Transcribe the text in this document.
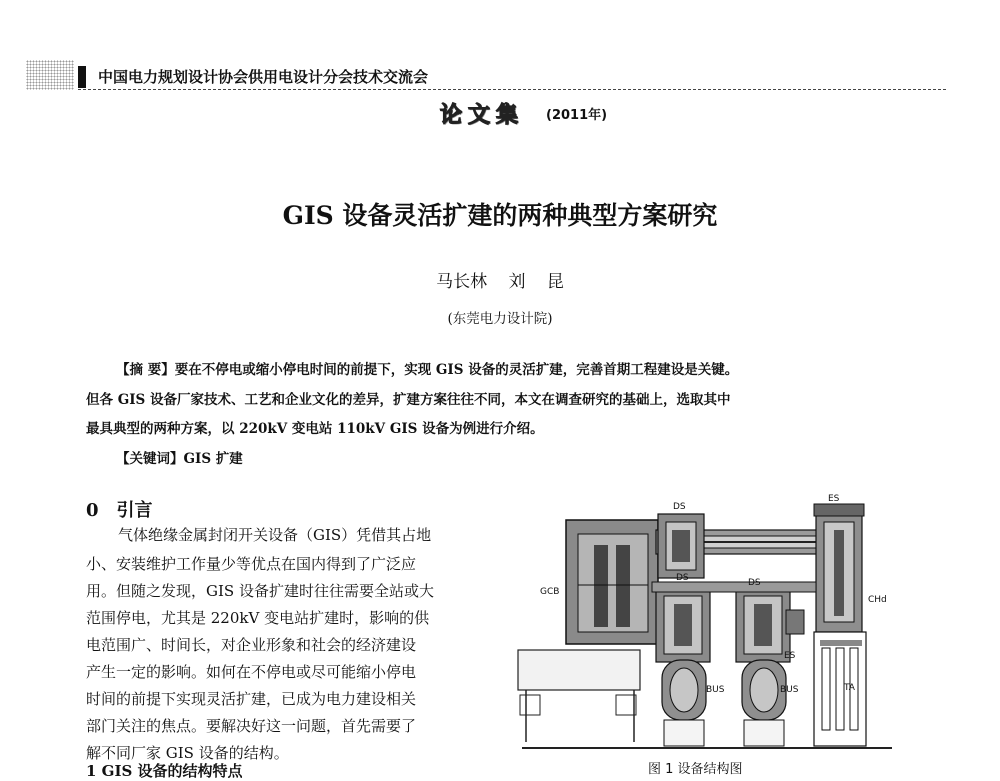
中国电力规划设计协会供用电设计分会技术交流会
论文集 (2011年)
GIS 设备灵活扩建的两种典型方案研究
马长林 刘 昆
(东莞电力设计院)
【摘 要】要在不停电或缩小停电时间的前提下，实现 GIS 设备的灵活扩建，完善首期工程建设是关键。
但各 GIS 设备厂家技术、工艺和企业文化的差异，扩建方案往往不同，本文在调查研究的基础上，选取其中
最具典型的两种方案，以 220kV 变电站 110kV GIS 设备为例进行介绍。
【关键词】GIS 扩建
0 引言
气体绝缘金属封闭开关设备（GIS）凭借其占地
小、安装维护工作量少等优点在国内得到了广泛应
用。但随之发现，GIS 设备扩建时往往需要全站或大
范围停电，尤其是 220kV 变电站扩建时，影响的供
电范围广、时间长，对企业形象和社会的经济建设
产生一定的影响。如何在不停电或尽可能缩小停电
时间的前提下实现灵活扩建，已成为电力建设相关
部门关注的焦点。要解决好这一问题，首先需要了
解不同厂家 GIS 设备的结构。
1 GIS 设备的结构特点
DS
DS	DS
ES
ES
GCB
CHd
BUS	BUS	TA
图 1 设备结构图
